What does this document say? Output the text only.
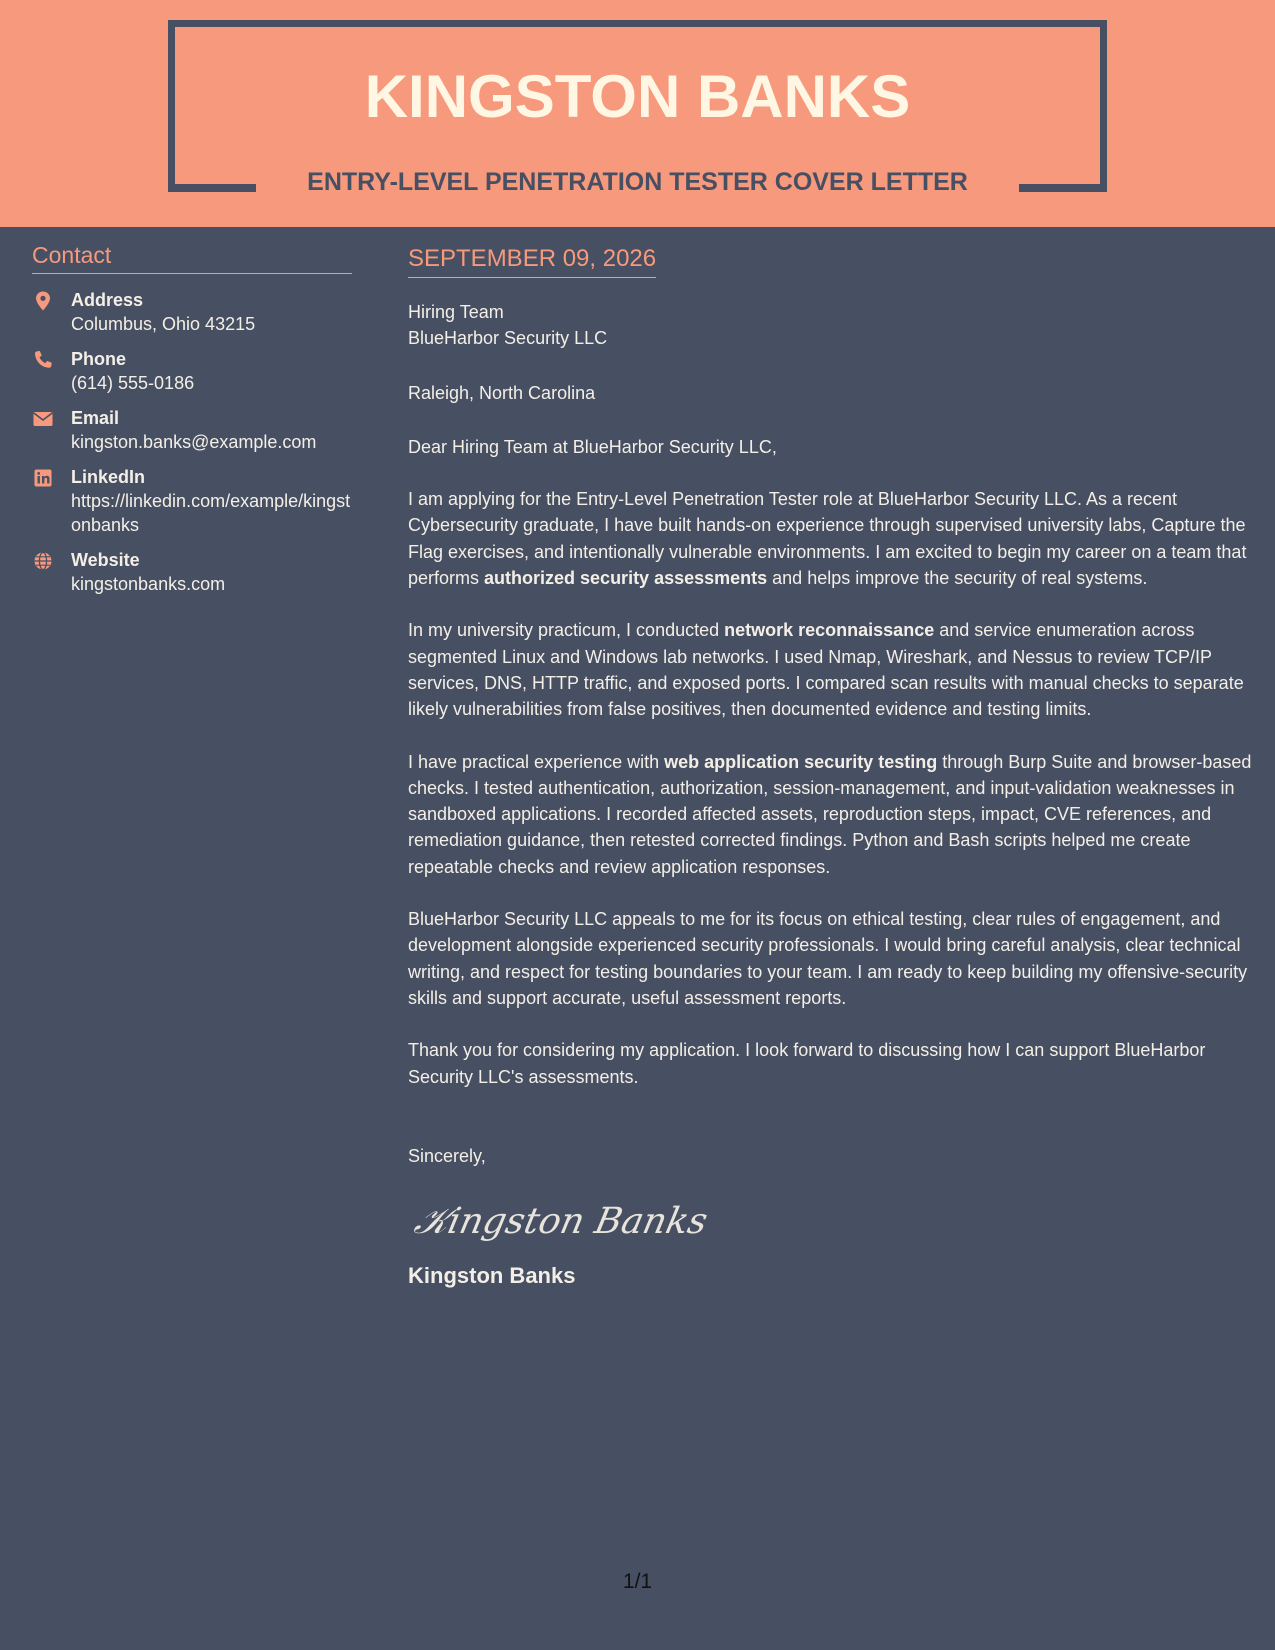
KINGSTON BANKS
ENTRY-LEVEL PENETRATION TESTER COVER LETTER
Contact
Address
Columbus, Ohio 43215
Phone
(614) 555-0186
Email
kingston.banks@example.com
LinkedIn
https://linkedin.com/example/kingstonbanks
Website
kingstonbanks.com
SEPTEMBER 09, 2026
Hiring Team
BlueHarbor Security LLC
Raleigh, North Carolina
Dear Hiring Team at BlueHarbor Security LLC,
I am applying for the Entry-Level Penetration Tester role at BlueHarbor Security LLC. As a recent Cybersecurity graduate, I have built hands-on experience through supervised university labs, Capture the Flag exercises, and intentionally vulnerable environments. I am excited to begin my career on a team that performs authorized security assessments and helps improve the security of real systems.
In my university practicum, I conducted network reconnaissance and service enumeration across segmented Linux and Windows lab networks. I used Nmap, Wireshark, and Nessus to review TCP/IP services, DNS, HTTP traffic, and exposed ports. I compared scan results with manual checks to separate likely vulnerabilities from false positives, then documented evidence and testing limits.
I have practical experience with web application security testing through Burp Suite and browser-based checks. I tested authentication, authorization, session-management, and input-validation weaknesses in sandboxed applications. I recorded affected assets, reproduction steps, impact, CVE references, and remediation guidance, then retested corrected findings. Python and Bash scripts helped me create repeatable checks and review application responses.
BlueHarbor Security LLC appeals to me for its focus on ethical testing, clear rules of engagement, and development alongside experienced security professionals. I would bring careful analysis, clear technical writing, and respect for testing boundaries to your team. I am ready to keep building my offensive-security skills and support accurate, useful assessment reports.
Thank you for considering my application. I look forward to discussing how I can support BlueHarbor Security LLC's assessments.
Sincerely,
𝒦ingston 𝐵anks
Kingston Banks
1/1
